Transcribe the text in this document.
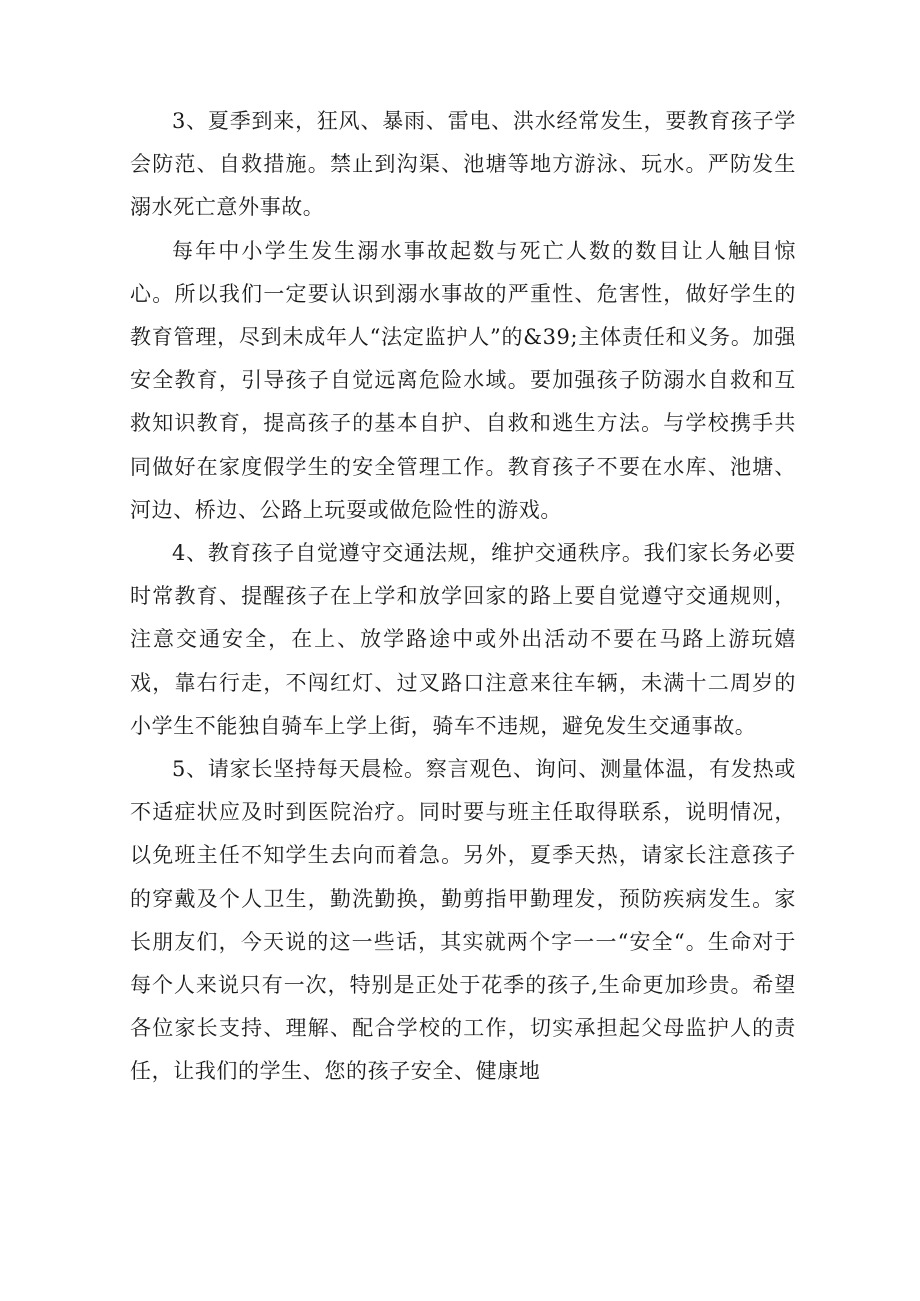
3、夏季到来，狂风、暴雨、雷电、洪水经常发生，要教育孩子学会防范、自救措施。禁止到沟渠、池塘等地方游泳、玩水。严防发生溺水死亡意外事故。

每年中小学生发生溺水事故起数与死亡人数的数目让人触目惊心。所以我们一定要认识到溺水事故的严重性、危害性，做好学生的教育管理，尽到未成年人“法定监护人”的&39;主体责任和义务。加强安全教育，引导孩子自觉远离危险水域。要加强孩子防溺水自救和互救知识教育，提高孩子的基本自护、自救和逃生方法。与学校携手共同做好在家度假学生的安全管理工作。教育孩子不要在水库、池塘、河边、桥边、公路上玩耍或做危险性的游戏。

4、教育孩子自觉遵守交通法规，维护交通秩序。我们家长务必要时常教育、提醒孩子在上学和放学回家的路上要自觉遵守交通规则，注意交通安全，在上、放学路途中或外出活动不要在马路上游玩嬉戏，靠右行走，不闯红灯、过叉路口注意来往车辆，未满十二周岁的小学生不能独自骑车上学上街，骑车不违规，避免发生交通事故。

5、请家长坚持每天晨检。察言观色、询问、测量体温，有发热或不适症状应及时到医院治疗。同时要与班主任取得联系，说明情况，以免班主任不知学生去向而着急。另外，夏季天热，请家长注意孩子的穿戴及个人卫生，勤洗勤换，勤剪指甲勤理发，预防疾病发生。家长朋友们，今天说的这一些话，其实就两个字一一“安全“。生命对于每个人来说只有一次，特别是正处于花季的孩子,生命更加珍贵。希望各位家长支持、理解、配合学校的工作，切实承担起父母监护人的责任，让我们的学生、您的孩子安全、健康地
